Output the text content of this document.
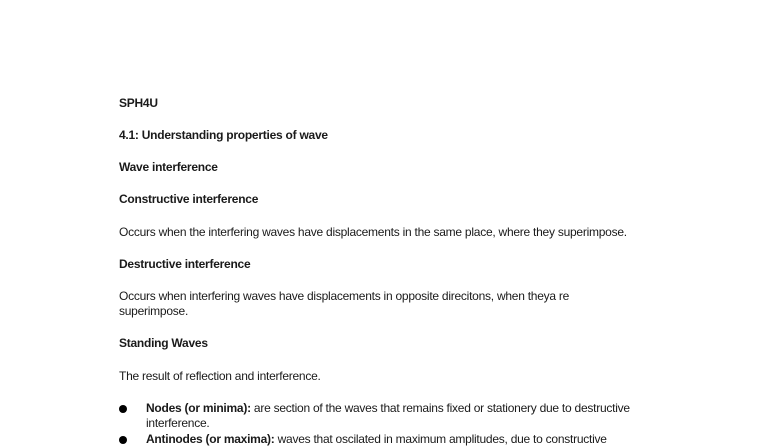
SPH4U
4.1: Understanding properties of wave
Wave interference
Constructive interference
Occurs when the interfering waves have displacements in the same place, where they superimpose.
Destructive interference
Occurs when interfering waves have displacements in opposite direcitons, when theya re superimpose.
Standing Waves
The result of reflection and interference.
Nodes (or minima): are section of the waves that remains fixed or stationery due to destructive interference.
Antinodes (or maxima): waves that oscilated in maximum amplitudes, due to constructive
